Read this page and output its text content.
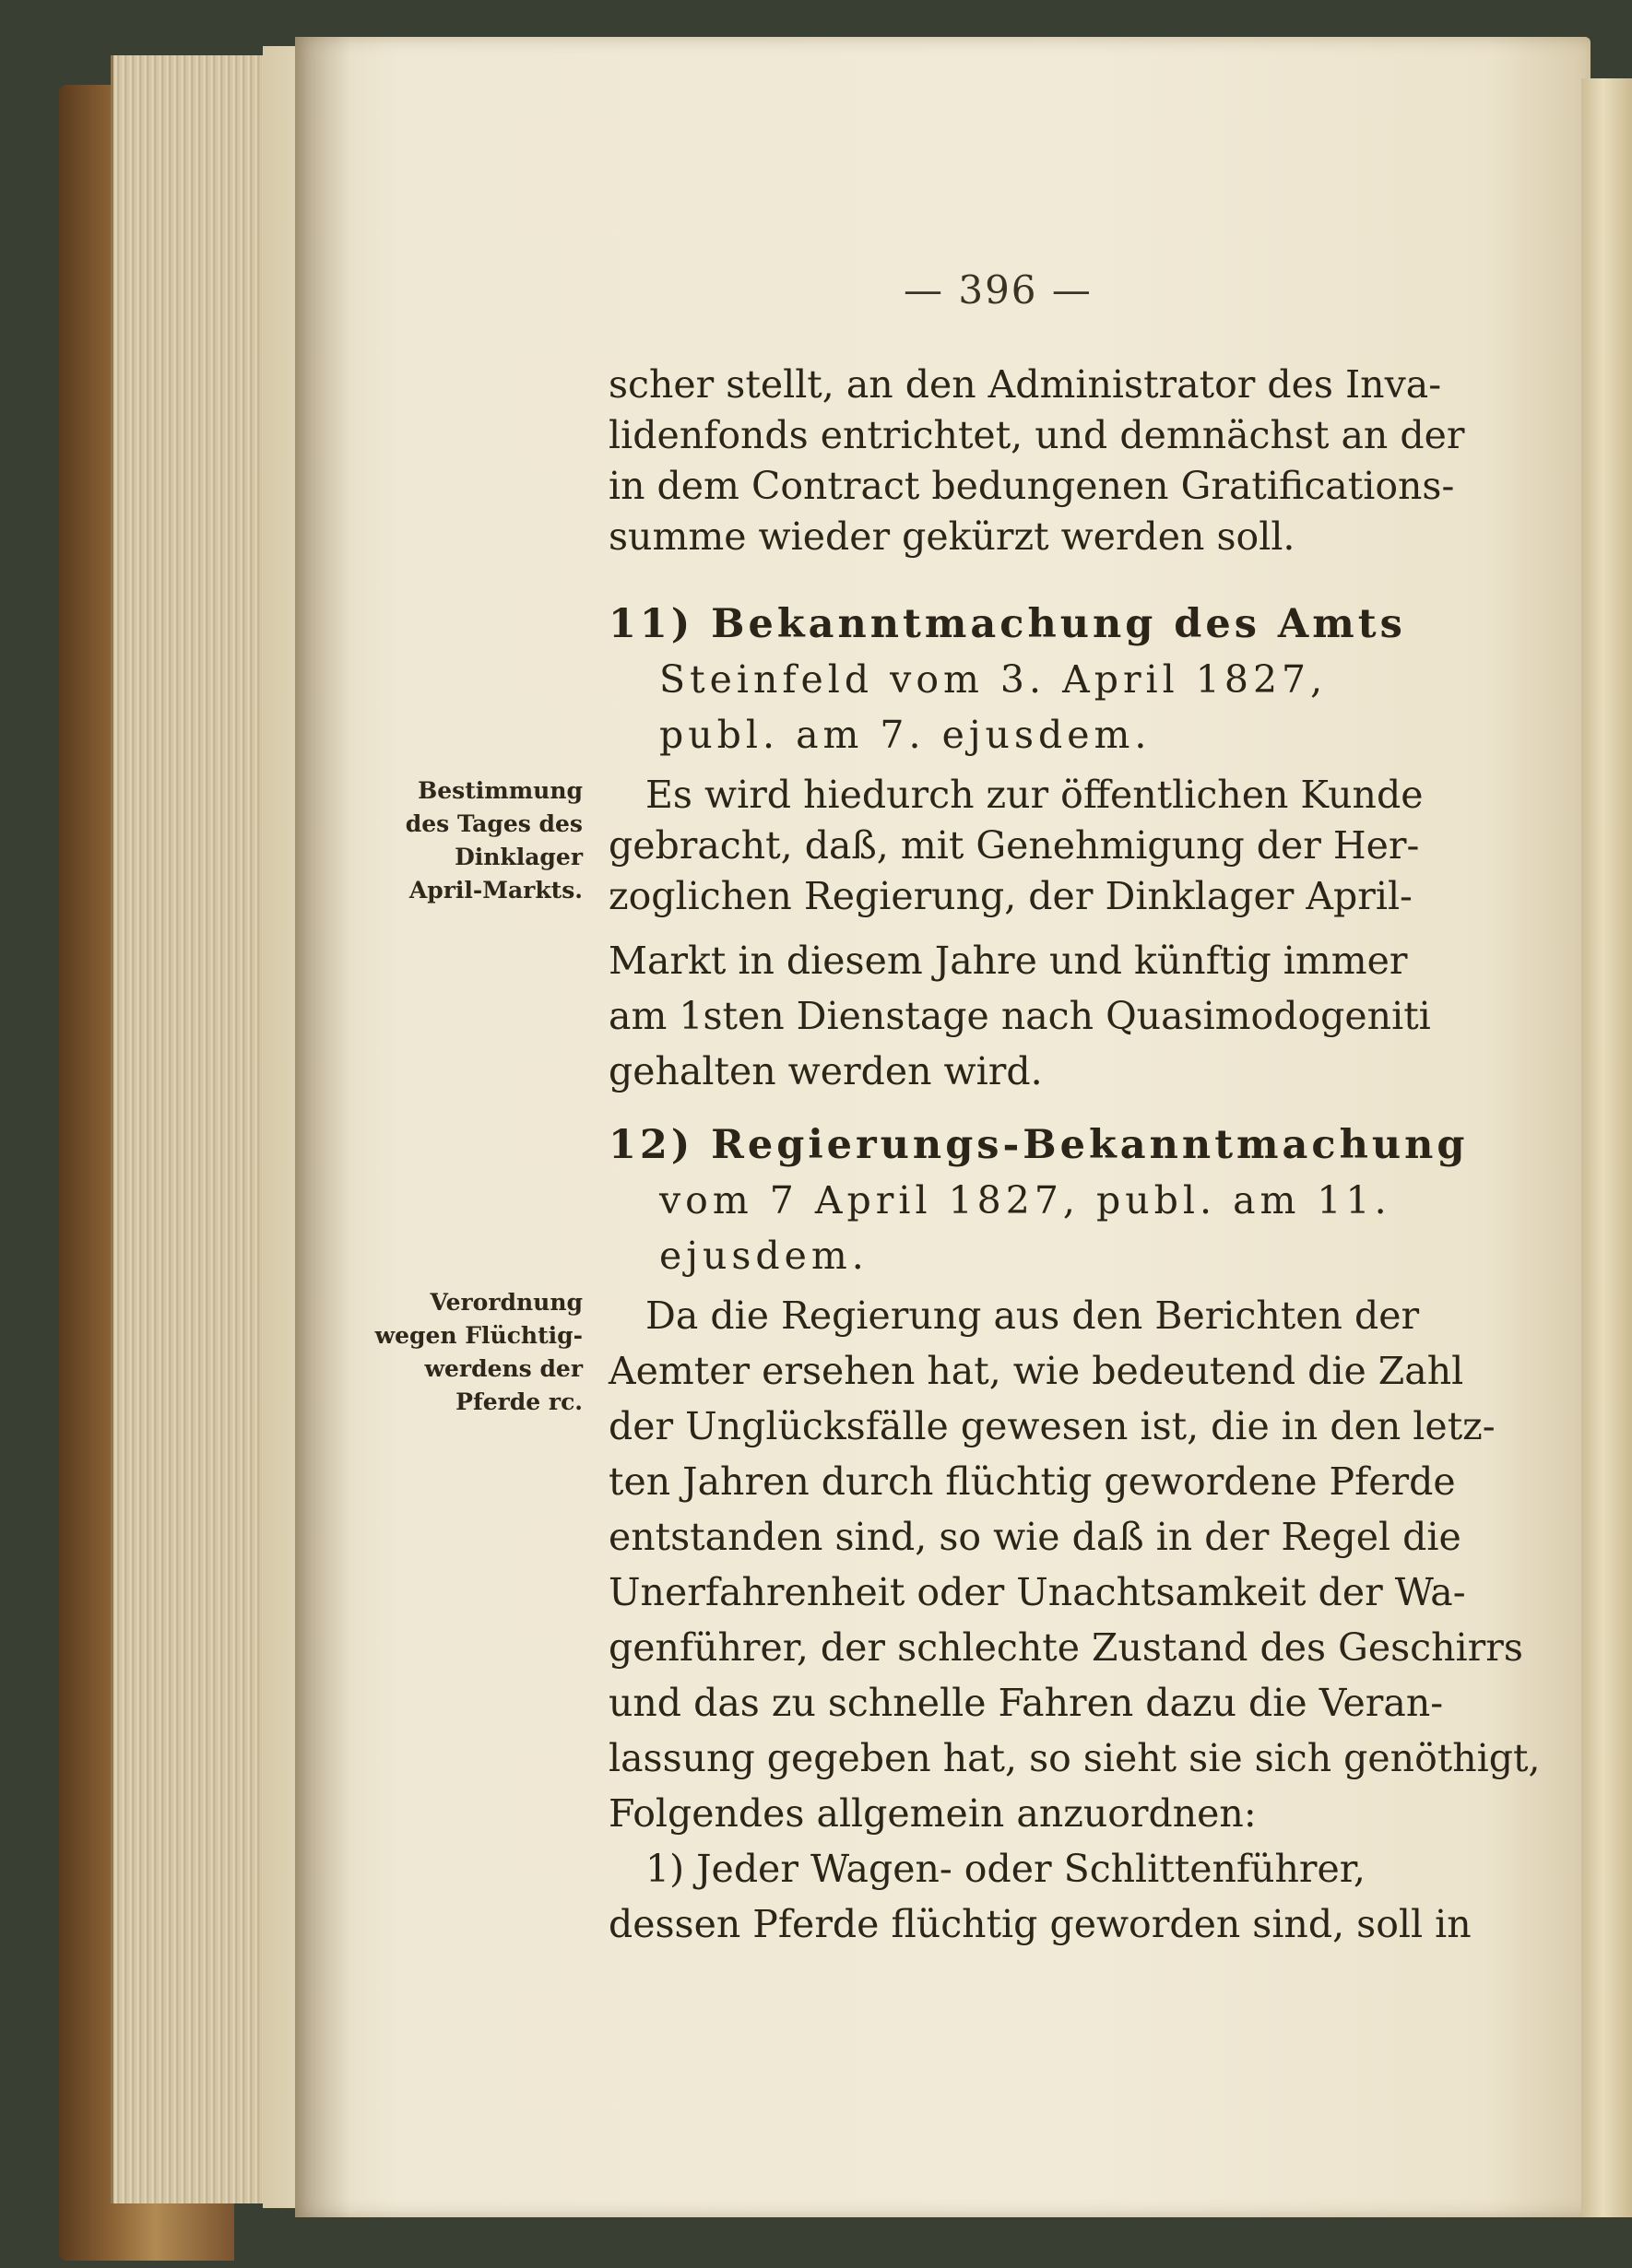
— 396 —
scher stellt, an den Administrator des Inva-
lidenfonds entrichtet, und demnächst an der
in dem Contract bedungenen Gratifications-
summe wieder gekürzt werden soll.
11) Bekanntmachung des Amts
Steinfeld vom 3. April 1827,
publ. am 7. ejusdem.
Es wird hiedurch zur öffentlichen Kunde
gebracht, daß, mit Genehmigung der Her-
zoglichen Regierung, der Dinklager April-
Markt in diesem Jahre und künftig immer
am 1sten Dienstage nach Quasimodogeniti
gehalten werden wird.
Bestimmung
des Tages des
Dinklager
April-Markts.
12) Regierungs-Bekanntmachung
vom 7 April 1827, publ. am 11.
ejusdem.
Da die Regierung aus den Berichten der
Aemter ersehen hat, wie bedeutend die Zahl
der Unglücksfälle gewesen ist, die in den letz-
ten Jahren durch flüchtig gewordene Pferde
entstanden sind, so wie daß in der Regel die
Unerfahrenheit oder Unachtsamkeit der Wa-
genführer, der schlechte Zustand des Geschirrs
und das zu schnelle Fahren dazu die Veran-
lassung gegeben hat, so sieht sie sich genöthigt,
Folgendes allgemein anzuordnen:
1) Jeder Wagen- oder Schlittenführer,
dessen Pferde flüchtig geworden sind, soll in
Verordnung
wegen Flüchtig-
werdens der
Pferde rc.
